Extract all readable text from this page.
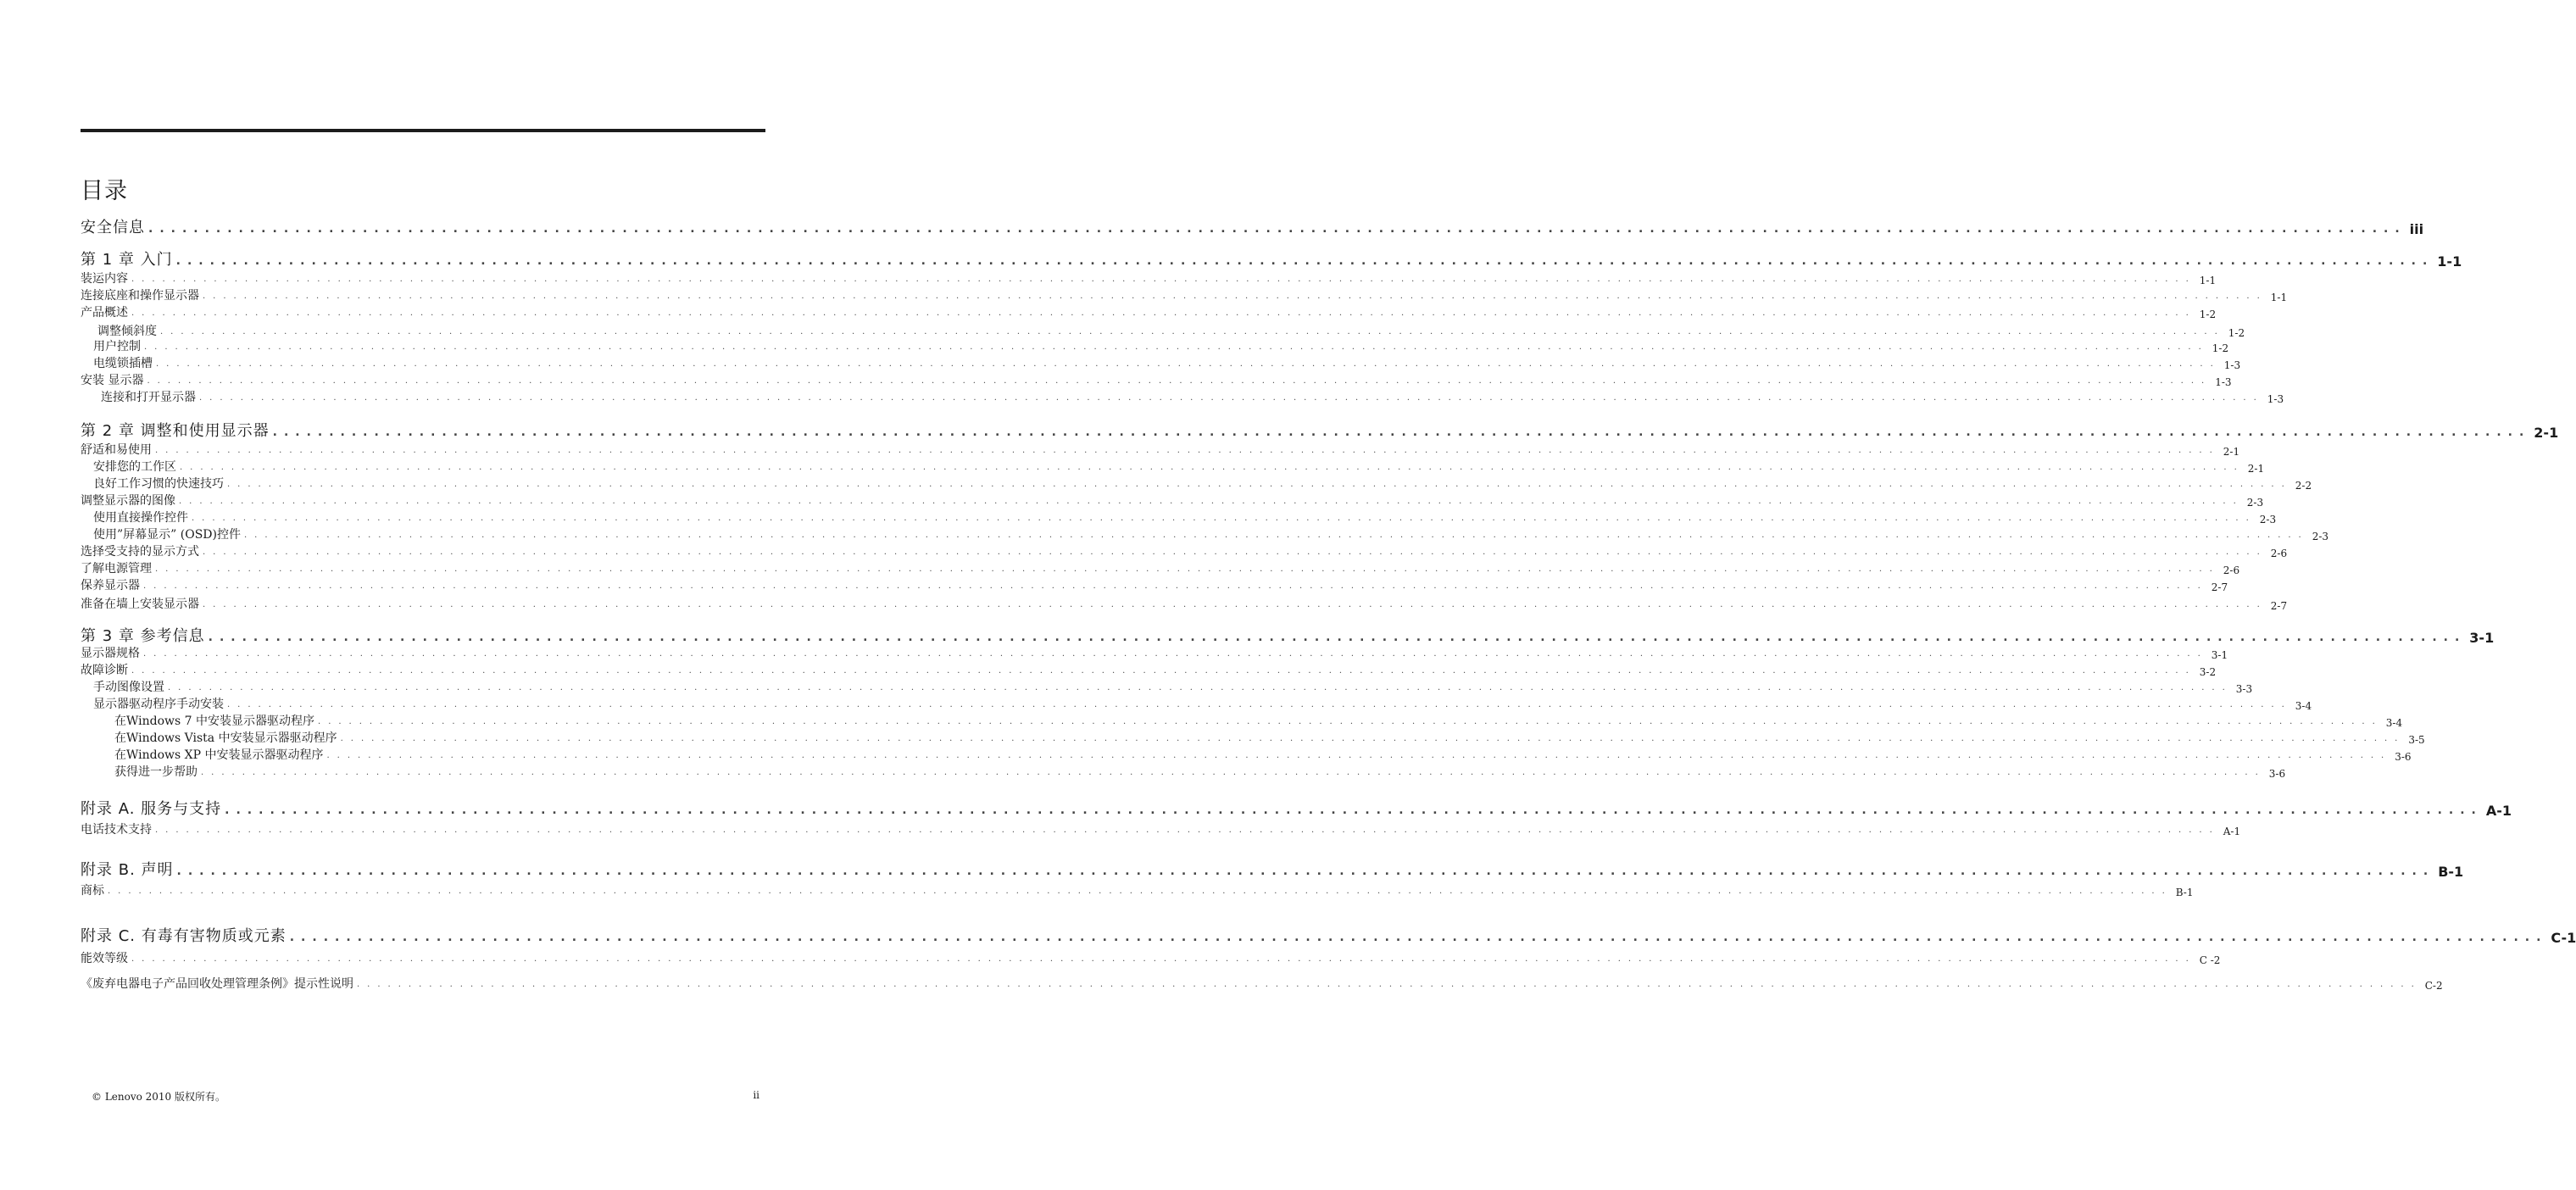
目录
安全信息 ........................................................................................................................................................................................................ iii
第 1 章 入门 ........................................................................................................................................................................................................ 1-1
装运内容 ........................................................................................................................................................................................................ 1-1
连接底座和操作显示器 ........................................................................................................................................................................................................ 1-1
产品概述 ........................................................................................................................................................................................................ 1-2
调整倾斜度 ........................................................................................................................................................................................................ 1-2
用户控制 ........................................................................................................................................................................................................ 1-2
电缆锁插槽 ........................................................................................................................................................................................................ 1-3
安装 显示器 ........................................................................................................................................................................................................ 1-3
连接和打开显示器 ........................................................................................................................................................................................................ 1-3
第 2 章 调整和使用显示器 ........................................................................................................................................................................................................ 2-1
舒适和易使用 ........................................................................................................................................................................................................ 2-1
安排您的工作区 ........................................................................................................................................................................................................ 2-1
良好工作习惯的快速技巧 ........................................................................................................................................................................................................ 2-2
调整显示器的图像 ........................................................................................................................................................................................................ 2-3
使用直接操作控件 ........................................................................................................................................................................................................ 2-3
使用”屏幕显示” (OSD)控件 ........................................................................................................................................................................................................ 2-3
选择受支持的显示方式 ........................................................................................................................................................................................................ 2-6
了解电源管理 ........................................................................................................................................................................................................ 2-6
保养显示器 ........................................................................................................................................................................................................ 2-7
准备在墙上安装显示器 ........................................................................................................................................................................................................ 2-7
第 3 章 参考信息 ........................................................................................................................................................................................................ 3-1
显示器规格 ........................................................................................................................................................................................................ 3-1
故障诊断 ........................................................................................................................................................................................................ 3-2
手动图像设置 ........................................................................................................................................................................................................ 3-3
显示器驱动程序手动安装 ........................................................................................................................................................................................................ 3-4
在Windows 7 中安装显示器驱动程序 ........................................................................................................................................................................................................ 3-4
在Windows Vista 中安装显示器驱动程序 ........................................................................................................................................................................................................ 3-5
在Windows XP 中安装显示器驱动程序 ........................................................................................................................................................................................................ 3-6
获得进一步帮助 ........................................................................................................................................................................................................ 3-6
附录 A. 服务与支持 ........................................................................................................................................................................................................ A-1
电话技术支持 ........................................................................................................................................................................................................ A-1
附录 B. 声明 ........................................................................................................................................................................................................ B-1
商标 ........................................................................................................................................................................................................ B-1
附录 C. 有毒有害物质或元素 ........................................................................................................................................................................................................ C-1
能效等级 ........................................................................................................................................................................................................ C -2
《废弃电器电子产品回收处理管理条例》提示性说明 ........................................................................................................................................................................................................ C-2
© Lenovo 2010 版权所有。	ii
